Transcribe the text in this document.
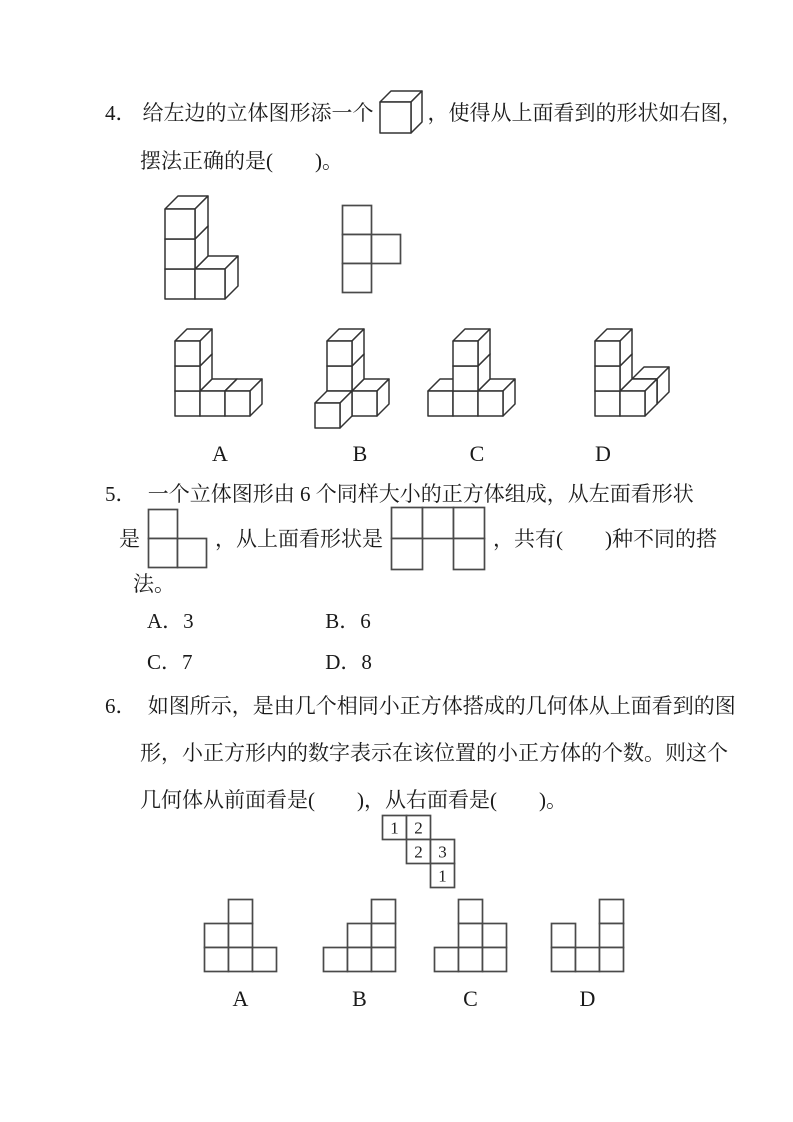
4． 给左边的立体图形添一个	，使得从上面看到的形状如右图，
摆法正确的是(　　)。
A	B	C	D
5． 一个立体图形由 6 个同样大小的正方体组成，从左面看形状
是	，从上面看形状是	，共有(　　)种不同的搭
法。
A．3	B．6
C．7	D．8
6． 如图所示，是由几个相同小正方体搭成的几何体从上面看到的图
形，小正方形内的数字表示在该位置的小正方体的个数。则这个
几何体从前面看是(　　)，从右面看是(　　)。
1 2
2 3
1
A	B	C	D
